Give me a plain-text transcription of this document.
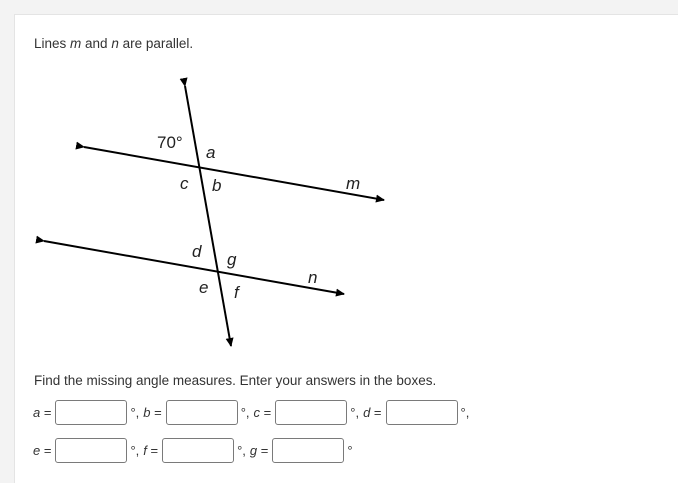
Lines m and n are parallel.
70°
a
c b	m
d g
n
e f
Find the missing angle measures. Enter your answers in the boxes.
a =	°, b =	°, c =	°, d =	°,
e =	°, f =	°, g =	°
